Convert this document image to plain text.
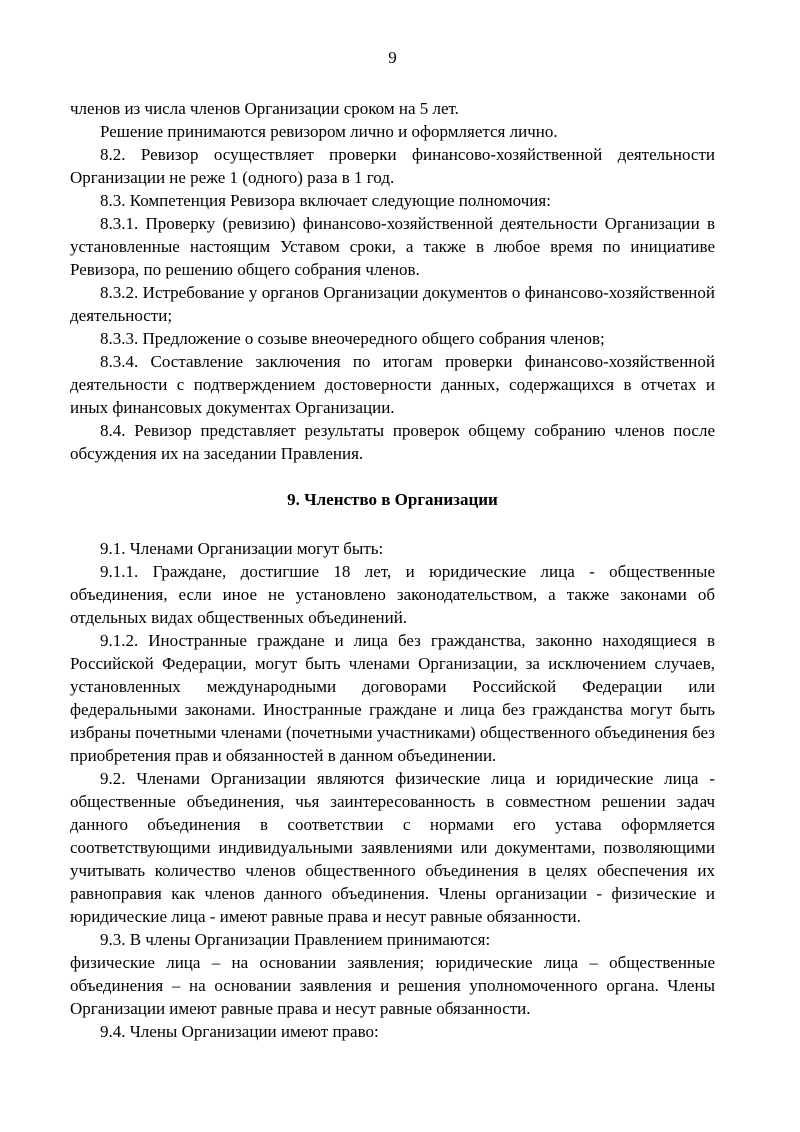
9

членов из числа членов Организации сроком на 5 лет.

Решение принимаются ревизором лично и оформляется лично.

8.2. Ревизор осуществляет проверки финансово-хозяйственной деятельности Организации не реже 1 (одного) раза в 1 год.

8.3. Компетенция Ревизора включает следующие полномочия:

8.3.1. Проверку (ревизию) финансово-хозяйственной деятельности Организации в установленные настоящим Уставом сроки, а также в любое время по инициативе Ревизора, по решению общего собрания членов.

8.3.2. Истребование у органов Организации документов о финансово-хозяйственной деятельности;

8.3.3. Предложение о созыве внеочередного общего собрания членов;

8.3.4. Составление заключения по итогам проверки финансово-хозяйственной деятельности с подтверждением достоверности данных, содержащихся в отчетах и иных финансовых документах Организации.

8.4. Ревизор представляет результаты проверок общему собранию членов после обсуждения их на заседании Правления.

9. Членство в Организации

9.1. Членами Организации могут быть:

9.1.1. Граждане, достигшие 18 лет, и юридические лица - общественные объединения, если иное не установлено законодательством, а также законами об отдельных видах общественных объединений.

9.1.2. Иностранные граждане и лица без гражданства, законно находящиеся в Российской Федерации, могут быть членами Организации, за исключением случаев, установленных международными договорами Российской Федерации или федеральными законами. Иностранные граждане и лица без гражданства могут быть избраны почетными членами (почетными участниками) общественного объединения без приобретения прав и обязанностей в данном объединении.

9.2. Членами Организации являются физические лица и юридические лица - общественные объединения, чья заинтересованность в совместном решении задач данного объединения в соответствии с нормами его устава оформляется соответствующими индивидуальными заявлениями или документами, позволяющими учитывать количество членов общественного объединения в целях обеспечения их равноправия как членов данного объединения. Члены организации - физические и юридические лица - имеют равные права и несут равные обязанности.

9.3. В члены Организации Правлением принимаются:

физические лица – на основании заявления; юридические лица – общественные объединения – на основании заявления и решения уполномоченного органа. Члены Организации имеют равные права и несут равные обязанности.

9.4. Члены Организации имеют право:
